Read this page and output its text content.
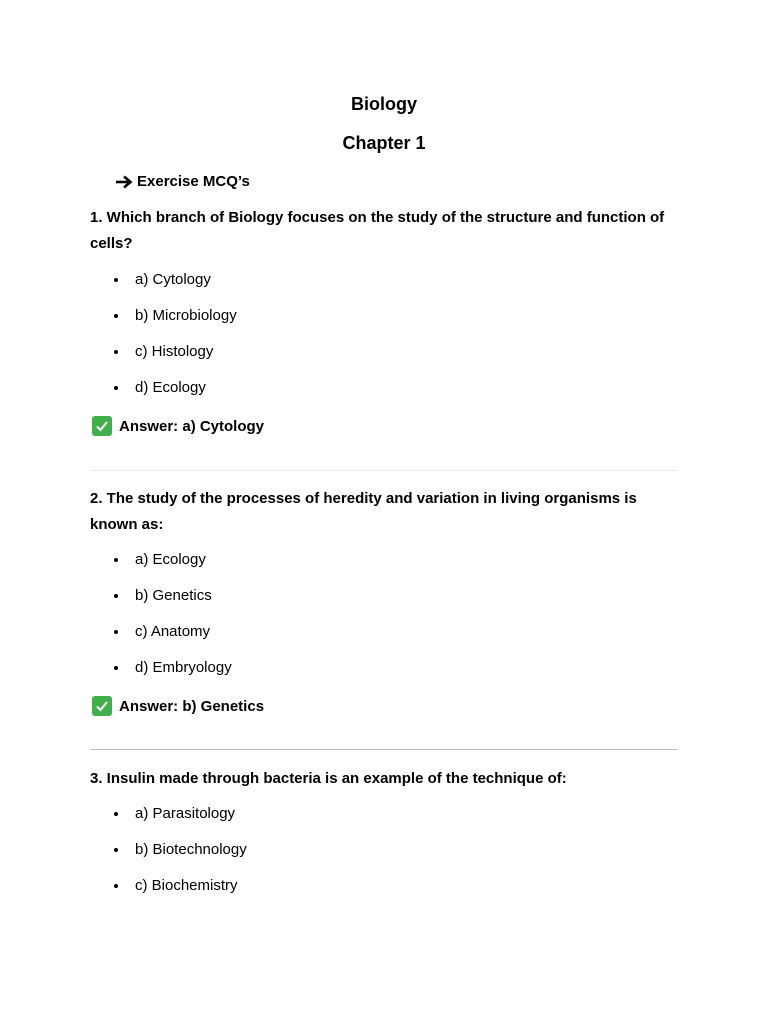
Biology
Chapter 1
Exercise MCQ’s
1. Which branch of Biology focuses on the study of the structure and function of cells?
a) Cytology
b) Microbiology
c) Histology
d) Ecology
Answer: a) Cytology
2. The study of the processes of heredity and variation in living organisms is known as:
a) Ecology
b) Genetics
c) Anatomy
d) Embryology
Answer: b) Genetics
3. Insulin made through bacteria is an example of the technique of:
a) Parasitology
b) Biotechnology
c) Biochemistry
